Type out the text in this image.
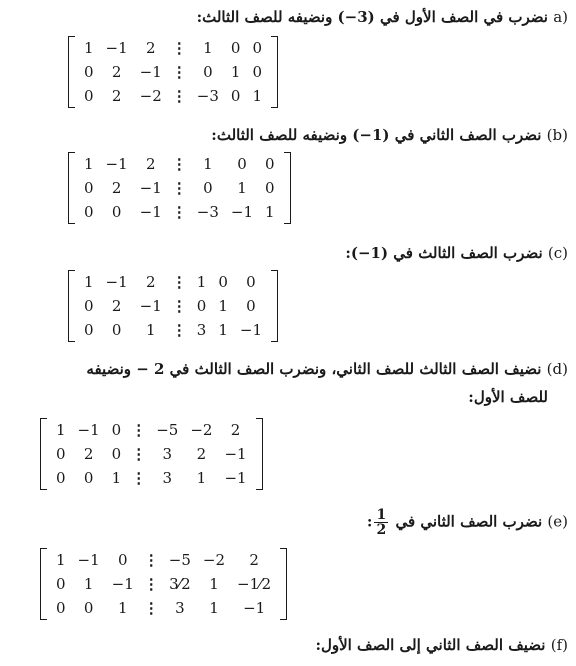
(a نضرب في الصف الأول في (3−) ونضيفه للصف الثالث:
1	−1	2	⋮	1	0	0
0	2	−1	⋮	0	1	0
0	2	−2	⋮	−3	0	1
(b) نضرب الصف الثاني في (1−) ونضيفه للصف الثالث:
1	−1	2	⋮	1	0	0
0	2	−1	⋮	0	1	0
0	0	−1	⋮	−3	−1	1
(c) نضرب الصف الثالث في (1−):
1	−1	2	⋮	1	0	0
0	2	−1	⋮	0	1	0
0	0	1	⋮	3	1	−1
(d) نضيف الصف الثالث للصف الثاني، ونضرب الصف الثالث في 2 − ونضيفه
للصف الأول:
1	−1	0	⋮	−5	−2	2
0	2	0	⋮	3	2	−1
0	0	1	⋮	3	1	−1
(e) نضرب الصف الثاني في
$\frac{1}{2}$
:
1	−1	0	⋮	−5	−2	2
0	1	−1	⋮	3⁄2	1	−1⁄2
0	0	1	⋮	3	1	−1
(f) نضيف الصف الثاني إلى الصف الأول:
